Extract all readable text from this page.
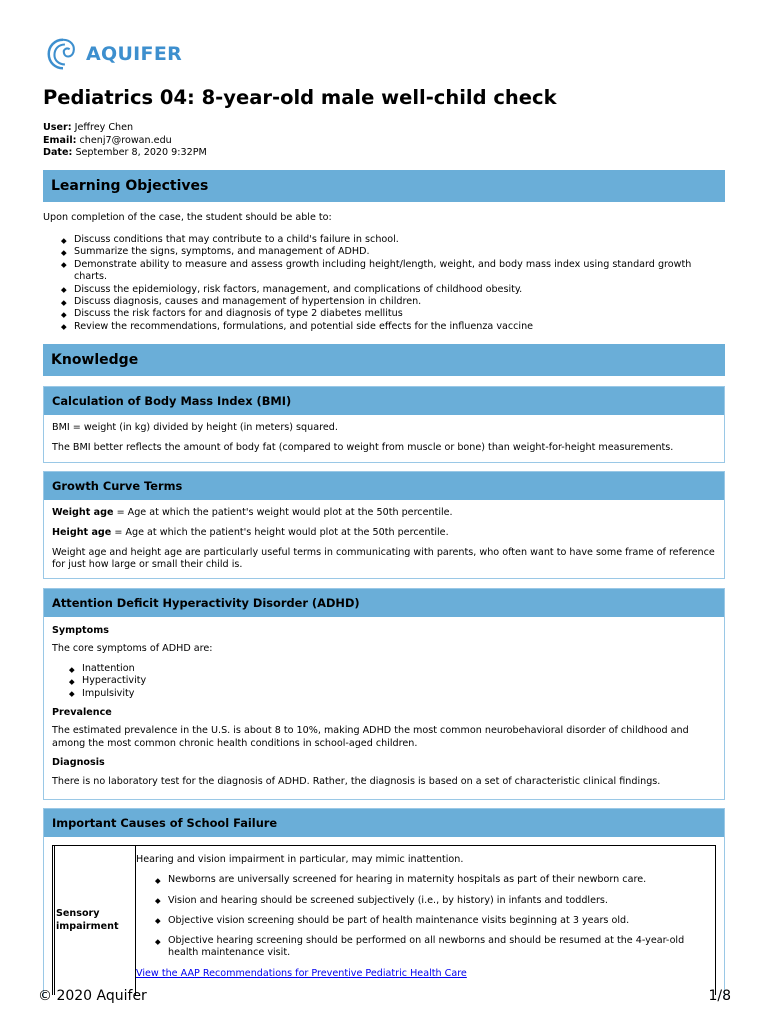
AQUIFER
Pediatrics 04: 8-year-old male well-child check
User: Jeffrey Chen
Email: chenj7@rowan.edu
Date: September 8, 2020 9:32PM
Learning Objectives
Upon completion of the case, the student should be able to:
Discuss conditions that may contribute to a child's failure in school.
Summarize the signs, symptoms, and management of ADHD.
Demonstrate ability to measure and assess growth including height/length, weight, and body mass index using standard growth charts.
Discuss the epidemiology, risk factors, management, and complications of childhood obesity.
Discuss diagnosis, causes and management of hypertension in children.
Discuss the risk factors for and diagnosis of type 2 diabetes mellitus
Review the recommendations, formulations, and potential side effects for the influenza vaccine
Knowledge
Calculation of Body Mass Index (BMI)

BMI = weight (in kg) divided by height (in meters) squared.

The BMI better reflects the amount of body fat (compared to weight from muscle or bone) than weight-for-height measurements.

Growth Curve Terms

Weight age = Age at which the patient's weight would plot at the 50th percentile.

Height age = Age at which the patient's height would plot at the 50th percentile.

Weight age and height age are particularly useful terms in communicating with parents, who often want to have some frame of reference for just how large or small their child is.

Attention Deficit Hyperactivity Disorder (ADHD)
Symptoms

The core symptoms of ADHD are:

Inattention
Hyperactivity
Impulsivity
Prevalence

The estimated prevalence in the U.S. is about 8 to 10%, making ADHD the most common neurobehavioral disorder of childhood and among the most common chronic health conditions in school-aged children.

Diagnosis

There is no laboratory test for the diagnosis of ADHD. Rather, the diagnosis is based on a set of characteristic clinical findings.

Important Causes of School Failure
Sensory impairment
Hearing and vision impairment in particular, may mimic inattention.
Newborns are universally screened for hearing in maternity hospitals as part of their newborn care.
Vision and hearing should be screened subjectively (i.e., by history) in infants and toddlers.
Objective vision screening should be part of health maintenance visits beginning at 3 years old.
Objective hearing screening should be performed on all newborns and should be resumed at the 4-year-old health maintenance visit.
View the AAP Recommendations for Preventive Pediatric Health Care
© 2020 Aquifer	1/8
